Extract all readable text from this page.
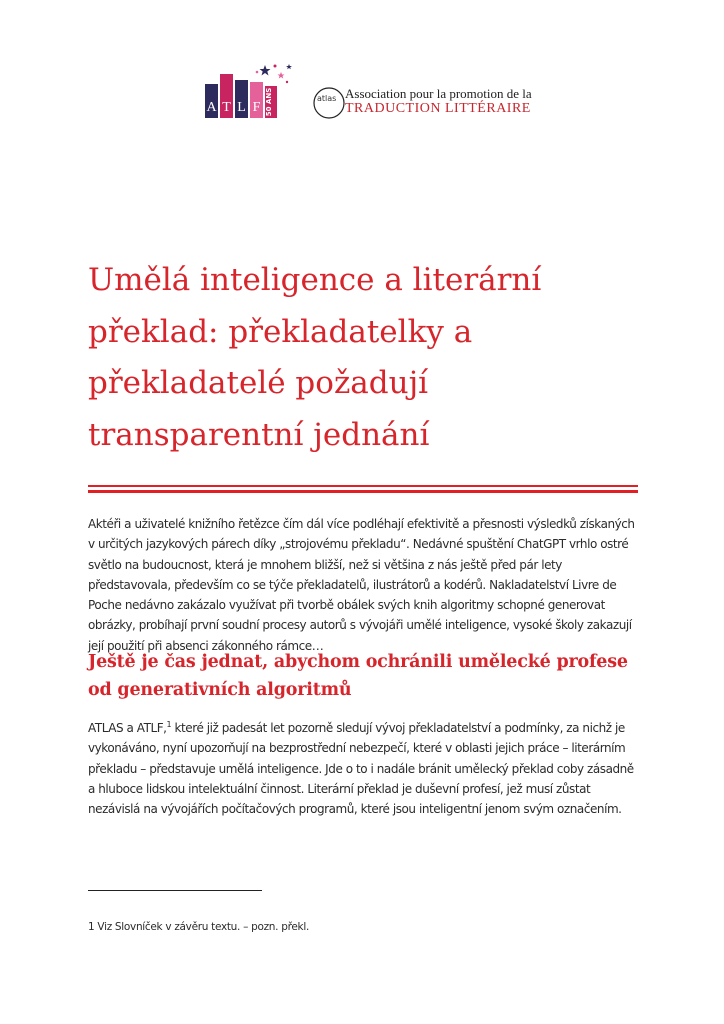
A T L F 50 ANS	atlas Association pour la promotion de la
TRADUCTION LITTÉRAIRE
Umělá inteligence a literární překlad: překladatelky a překladatelé požadují transparentní jednání

Aktéři a uživatelé knižního řetězce čím dál více podléhají efektivitě a přesnosti výsledků získaných v určitých jazykových párech díky „strojovému překladu“. Nedávné spuštění ChatGPT vrhlo ostré světlo na budoucnost, která je mnohem bližší, než si většina z nás ještě před pár lety představovala, především co se týče překladatelů, ilustrátorů a kodérů. Nakladatelství Livre de Poche nedávno zakázalo využívat při tvorbě obálek svých knih algoritmy schopné generovat obrázky, probíhají první soudní procesy autorů s vývojáři umělé inteligence, vysoké školy zakazují její použití při absenci zákonného rámce…

Ještě je čas jednat, abychom ochránili umělecké profese od generativních algoritmů

ATLAS a ATLF,$^1$ které již padesát let pozorně sledují vývoj překladatelství a podmínky, za nichž je vykonáváno, nyní upozorňují na bezprostřední nebezpečí, které v oblasti jejich práce – literárním překladu – představuje umělá inteligence. Jde o to i nadále bránit umělecký překlad coby zásadně a hluboce lidskou intelektuální činnost. Literární překlad je duševní profesí, jež musí zůstat nezávislá na vývojářích počítačových programů, které jsou inteligentní jenom svým označením.

1 Viz Slovníček v závěru textu. – pozn. překl.
